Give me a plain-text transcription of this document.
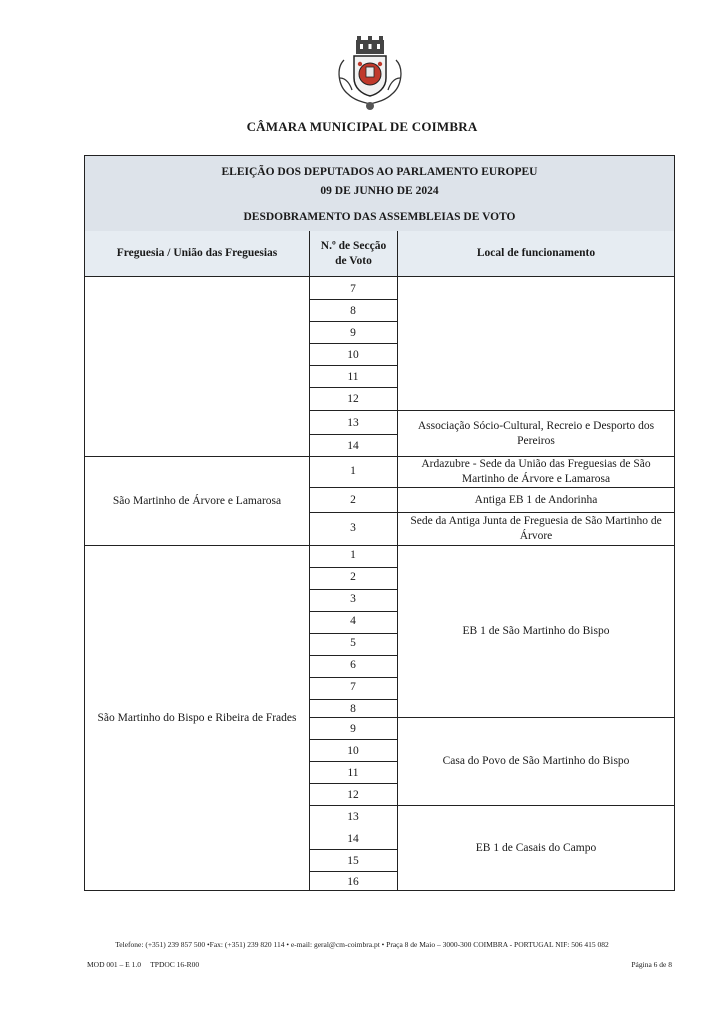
CÂMARA MUNICIPAL DE COIMBRA
ELEIÇÃO DOS DEPUTADOS AO PARLAMENTO EUROPEU
09 DE JUNHO DE 2024
DESDOBRAMENTO DAS ASSEMBLEIAS DE VOTO
Freguesia / União das Freguesias
N.º de Secção
de Voto
Local de funcionamento
7
8
9
10
11
12
13
14
Associação Sócio-Cultural, Recreio e Desporto dos Pereiros
São Martinho de Árvore e Lamarosa
1
2
3
Ardazubre - Sede da União das Freguesias de São Martinho de Árvore e Lamarosa
Antiga EB 1 de Andorinha
Sede da Antiga Junta de Freguesia de São Martinho de Árvore
São Martinho do Bispo e Ribeira de Frades
1
2
3
4
5
6
7
8
9
10
11
12
13
14
15
16
EB 1 de São Martinho do Bispo
Casa do Povo de São Martinho do Bispo
EB 1 de Casais do Campo
Telefone: (+351) 239 857 500 •Fax: (+351) 239 820 114 • e-mail: geral@cm-coimbra.pt • Praça 8 de Maio – 3000-300 COIMBRA - PORTUGAL NIF: 506 415 082
MOD 001 – E 1.0     TPDOC 16-R00	Página 6 de 8
